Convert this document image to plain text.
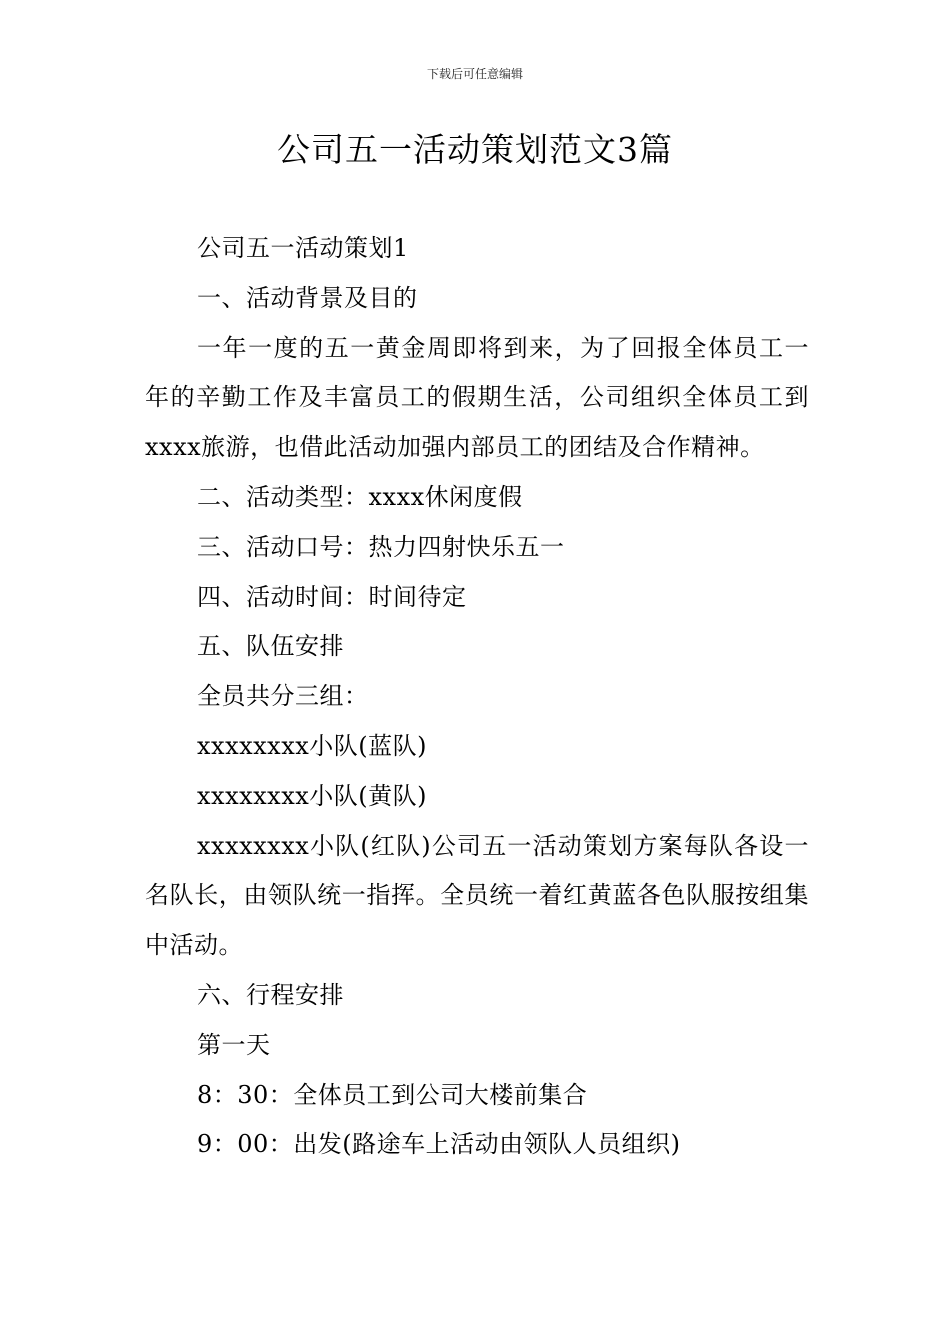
下载后可任意编辑
公司五一活动策划范文3篇

公司五一活动策划1

一、活动背景及目的

一年一度的五一黄金周即将到来，为了回报全体员工一年的辛勤工作及丰富员工的假期生活，公司组织全体员工到xxxx旅游，也借此活动加强内部员工的团结及合作精神。

二、活动类型：xxxx休闲度假

三、活动口号：热力四射快乐五一

四、活动时间：时间待定

五、队伍安排

全员共分三组：

xxxxxxxx小队(蓝队)

xxxxxxxx小队(黄队)

xxxxxxxx小队(红队)公司五一活动策划方案每队各设一名队长，由领队统一指挥。全员统一着红黄蓝各色队服按组集中活动。

六、行程安排

第一天

8：30：全体员工到公司大楼前集合

9：00：出发(路途车上活动由领队人员组织)
